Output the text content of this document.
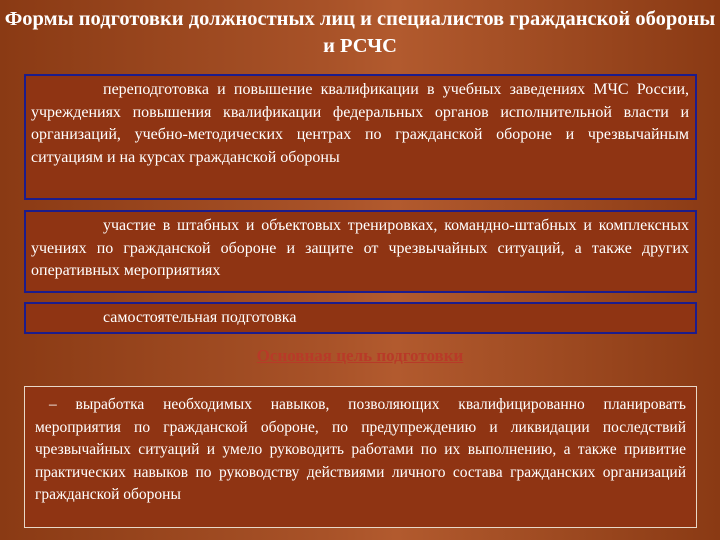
Формы подготовки должностных лиц и специалистов гражданской обороны и РСЧС
переподготовка и повышение квалификации в учебных заведениях МЧС России, учреждениях повышения квалификации федеральных органов исполнительной власти и организаций, учебно-методических центрах по гражданской обороне и чрезвычайным ситуациям и на курсах гражданской обороны
участие в штабных и объектовых тренировках, командно-штабных и комплексных учениях по гражданской обороне и защите от чрезвычайных ситуаций, а также других оперативных мероприятиях
самостоятельная подготовка
Основная цель подготовки
– выработка необходимых навыков, позволяющих квалифицированно планировать мероприятия по гражданской обороне, по предупреждению и ликвидации последствий чрезвычайных ситуаций и умело руководить работами по их выполнению, а также привитие практических навыков по руководству действиями личного состава гражданских организаций гражданской обороны
